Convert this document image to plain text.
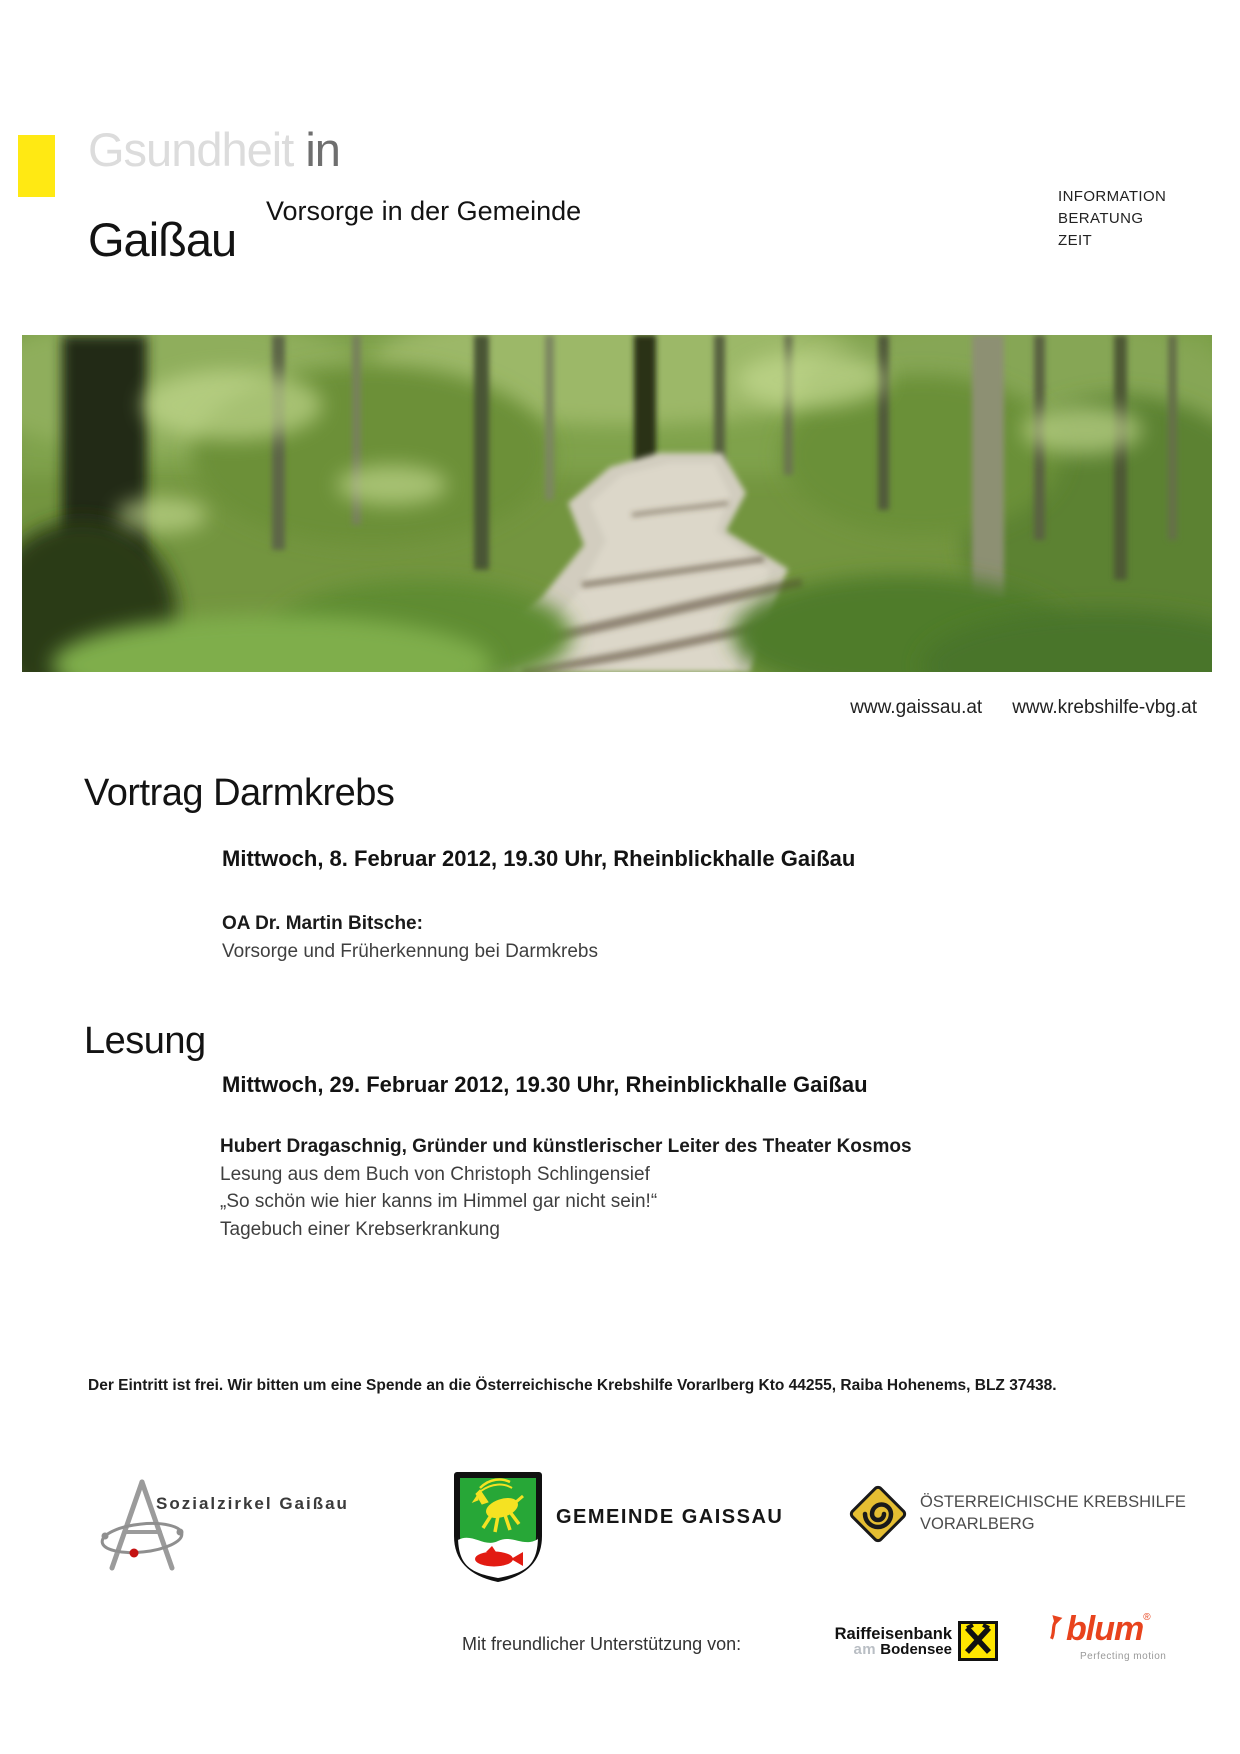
Gsundheit in
Vorsorge in der Gemeinde
Gaißau
INFORMATION
BERATUNG
ZEIT
www.gaissau.at www.krebshilfe-vbg.at
Vortrag Darmkrebs
Mittwoch, 8. Februar 2012, 19.30 Uhr, Rheinblickhalle Gaißau
OA Dr. Martin Bitsche:
Vorsorge und Früherkennung bei Darmkrebs
Lesung
Mittwoch, 29. Februar 2012, 19.30 Uhr, Rheinblickhalle Gaißau
Hubert Dragaschnig, Gründer und künstlerischer Leiter des Theater Kosmos
Lesung aus dem Buch von Christoph Schlingensief
„So schön wie hier kanns im Himmel gar nicht sein!“
Tagebuch einer Krebserkrankung
Der Eintritt ist frei. Wir bitten um eine Spende an die Österreichische Krebshilfe Vorarlberg Kto 44255, Raiba Hohenems, BLZ 37438.
Sozialzirkel Gaißau
GEMEINDE GAISSAU
ÖSTERREICHISCHE KREBSHILFE
VORARLBERG
Mit freundlicher Unterstützung von:	Raiffeisenbank
am Bodensee
blum®
Perfecting motion
